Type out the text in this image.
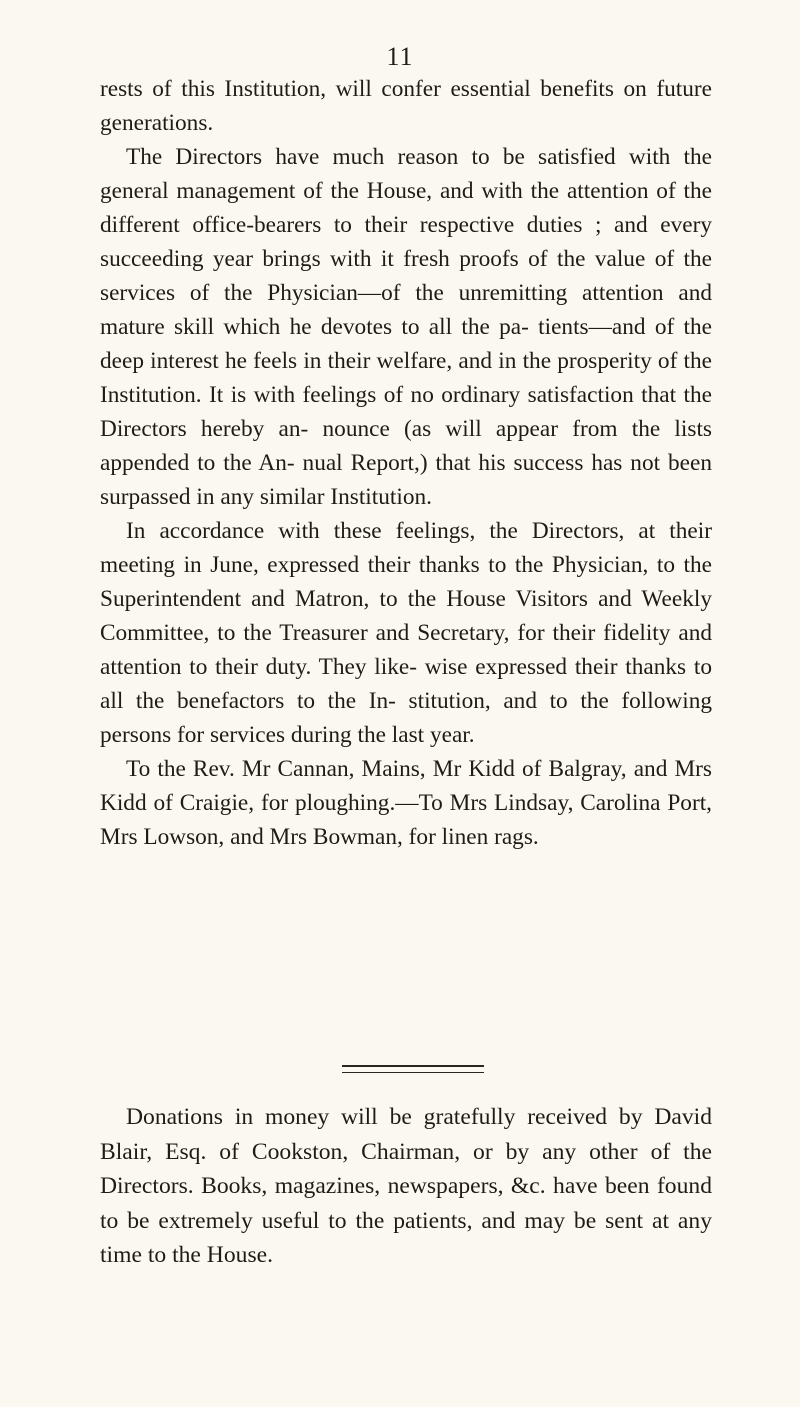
11

rests of this Institution, will confer essential benefits on future generations.

The Directors have much reason to be satisfied with the general management of the House, and with the attention of the different office-bearers to their respective duties ; and every succeeding year brings with it fresh proofs of the value of the services of the Physician—of the unremitting attention and mature skill which he devotes to all the pa- tients—and of the deep interest he feels in their welfare, and in the prosperity of the Institution. It is with feelings of no ordinary satisfaction that the Directors hereby an- nounce (as will appear from the lists appended to the An- nual Report,) that his success has not been surpassed in any similar Institution.

In accordance with these feelings, the Directors, at their meeting in June, expressed their thanks to the Physician, to the Superintendent and Matron, to the House Visitors and Weekly Committee, to the Treasurer and Secretary, for their fidelity and attention to their duty. They like- wise expressed their thanks to all the benefactors to the In- stitution, and to the following persons for services during the last year.

To the Rev. Mr Cannan, Mains, Mr Kidd of Balgray, and Mrs Kidd of Craigie, for ploughing.—To Mrs Lindsay, Carolina Port, Mrs Lowson, and Mrs Bowman, for linen rags.

Donations in money will be gratefully received by David Blair, Esq. of Cookston, Chairman, or by any other of the Directors. Books, magazines, newspapers, &c. have been found to be extremely useful to the patients, and may be sent at any time to the House.
